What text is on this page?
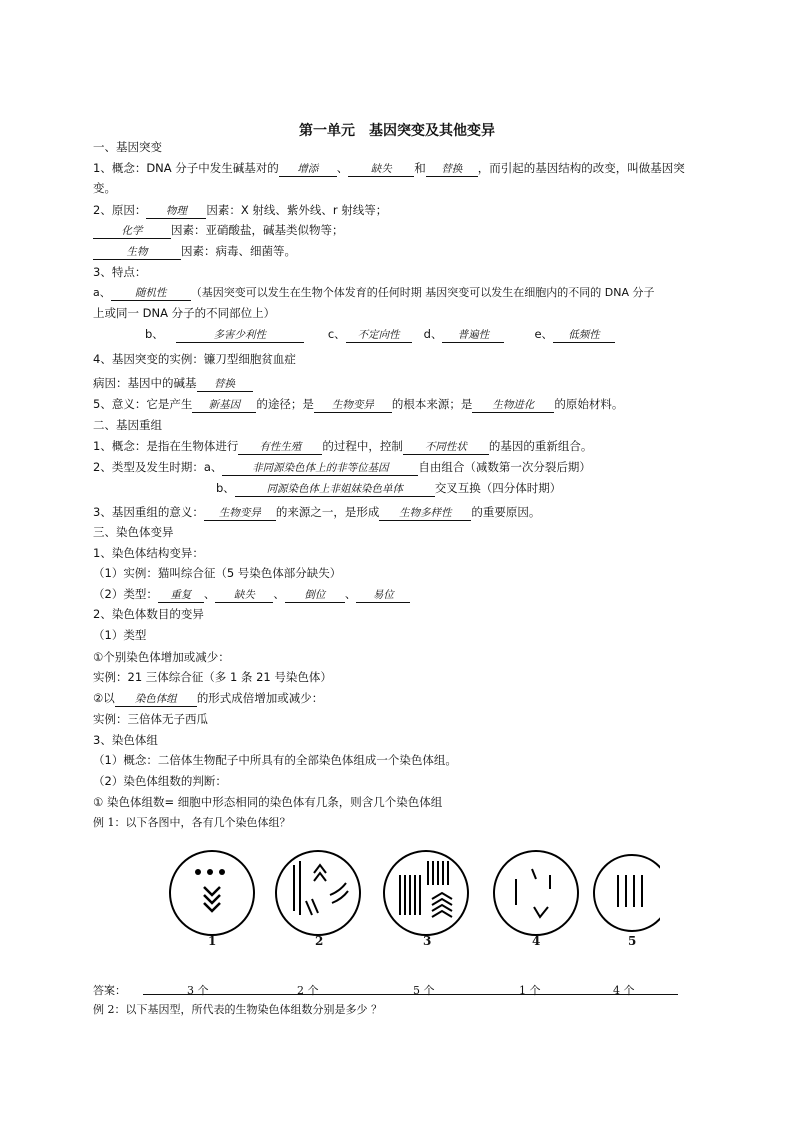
第一单元　基因突变及其他变异
一、基因突变
1、概念：DNA 分子中发生碱基对的 增添 、 缺失 和 替换 ，而引起的基因结构的改变，叫做基因突
变。
2、原因： 物理 因素：X 射线、紫外线、r 射线等；
化学 因素：亚硝酸盐，碱基类似物等；
生物	因素：病毒、细菌等。
3、特点：
a、 随机性 （基因突变可以发生在生物个体发育的任何时期 基因突变可以发生在细胞内的不同的 DNA 分子
上或同一 DNA 分子的不同部位上）
b、	多害少利性	c、 不定向性 d、 普遍性	e、 低频性
4、基因突变的实例：镰刀型细胞贫血症
病因：基因中的碱基 替换
5、意义：它是产生 新基因 的途径；是 生物变异 的根本来源；是 生物进化 的原始材料。
二、基因重组
1、概念：是指在生物体进行 有性生殖 的过程中，控制 不同性状 的基因的重新组合。
2、类型及发生时期：a、	非同源染色体上的非等位基因	自由组合（减数第一次分裂后期）
b、	同源染色体上非姐妹染色单体	交叉互换（四分体时期）
3、基因重组的意义： 生物变异 的来源之一，是形成 生物多样性 的重要原因。
三、染色体变异
1、染色体结构变异：
（1）实例：猫叫综合征（5 号染色体部分缺失）
（2）类型： 重复 、 缺失 、 倒位 、 易位
2、染色体数目的变异
（1）类型
①个别染色体增加或减少：
实例：21 三体综合征（多 1 条 21 号染色体）
②以 染色体组 的形式成倍增加或减少：
实例：三倍体无子西瓜
3、染色体组
（1）概念：二倍体生物配子中所具有的全部染色体组成一个染色体组。
（2）染色体组数的判断：
① 染色体组数= 细胞中形态相同的染色体有几条，则含几个染色体组
例 1：以下各图中，各有几个染色体组？
1	2	3	4	5
答案：	3 个	2 个	5 个	1 个	4 个
例 2：以下基因型，所代表的生物染色体组数分别是多少 ？
